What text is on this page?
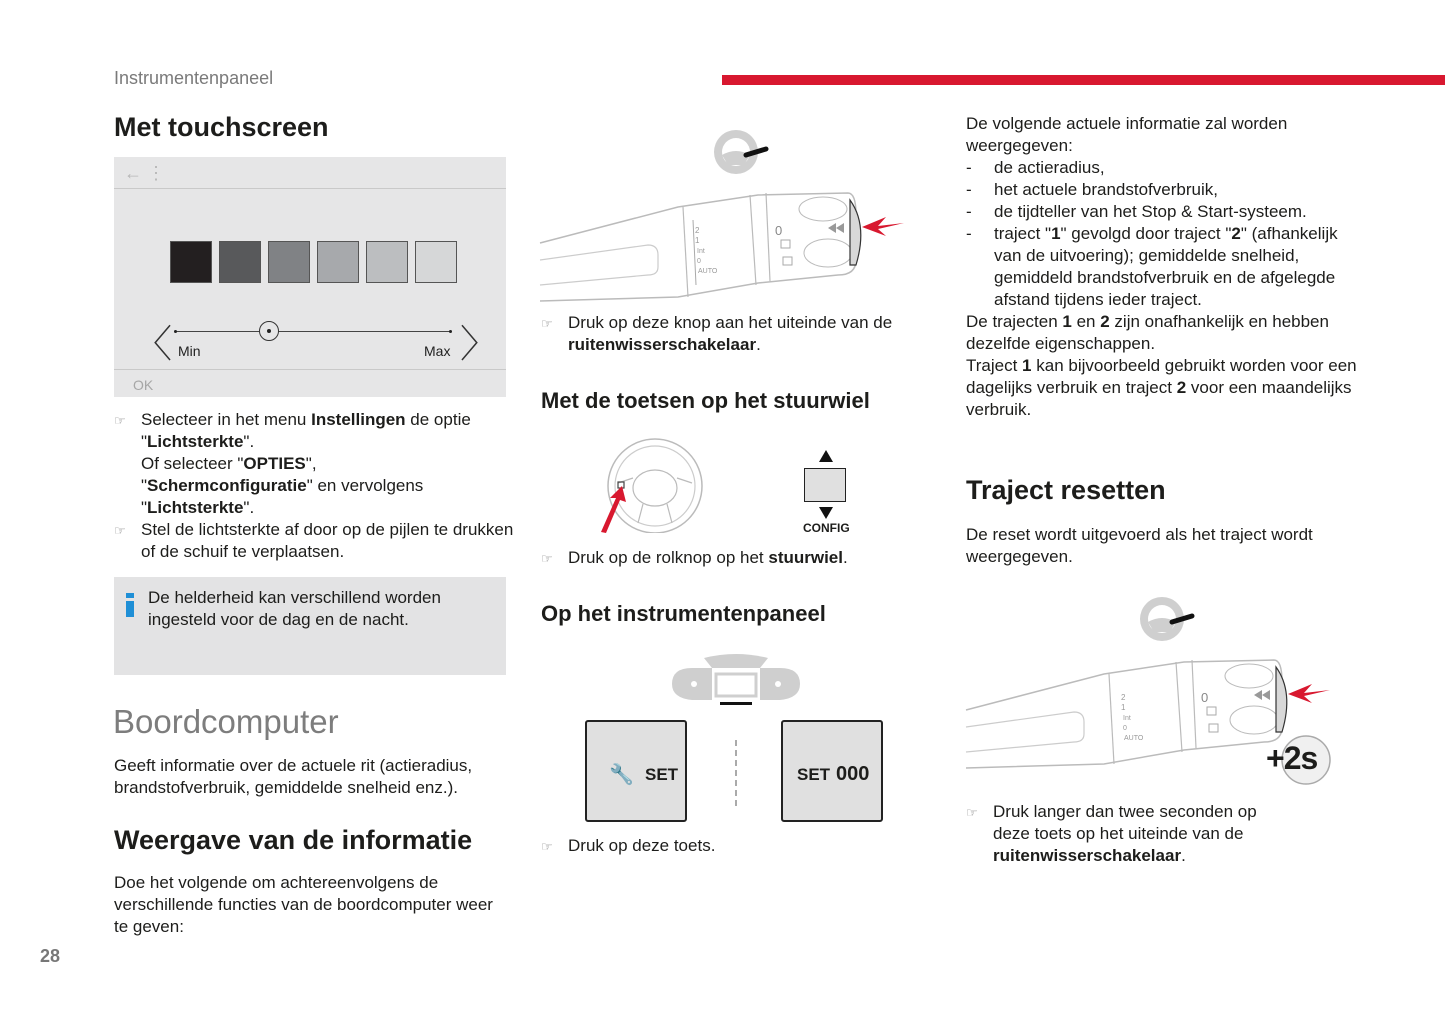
Instrumentenpaneel
Met touchscreen
← ⋮
〈	〉
Min	Max
OK
☞ Selecteer in het menu Instellingen de optie "Lichtsterkte".
Of selecteer "OPTIES",
"Schermconfiguratie" en vervolgens
"Lichtsterkte".
☞ Stel de lichtsterkte af door op de pijlen te drukken of de schuif te verplaatsen.
De helderheid kan verschillend worden ingesteld voor de dag en de nacht.
Boordcomputer
Geeft informatie over de actuele rit (actieradius, brandstofverbruik, gemiddelde snelheid enz.).
Weergave van de informatie
Doe het volgende om achtereenvolgens de verschillende functies van de boordcomputer weer te geven:
28
2
1
Int
0
AUTO
0
☞ Druk op deze knop aan het uiteinde van de ruitenwisserschakelaar.
Met de toetsen op het stuurwiel
CONFIG
☞ Druk op de rolknop op het stuurwiel.
Op het instrumentenpaneel
🔧 SET	SET 000
☞ Druk op deze toets.
De volgende actuele informatie zal worden weergegeven:
- de actieradius,
- het actuele brandstofverbruik,
- de tijdteller van het Stop & Start-systeem.
- traject "1" gevolgd door traject "2" (afhankelijk van de uitvoering); gemiddelde snelheid, gemiddeld brandstofverbruik en de afgelegde afstand tijdens ieder traject.
De trajecten 1 en 2 zijn onafhankelijk en hebben dezelfde eigenschappen.
Traject 1 kan bijvoorbeeld gebruikt worden voor een dagelijks verbruik en traject 2 voor een maandelijks verbruik.
Traject resetten
De reset wordt uitgevoerd als het traject wordt weergegeven.
2
1
Int
0
AUTO
0
+2s
☞ Druk langer dan twee seconden op deze toets op het uiteinde van de ruitenwisserschakelaar.
